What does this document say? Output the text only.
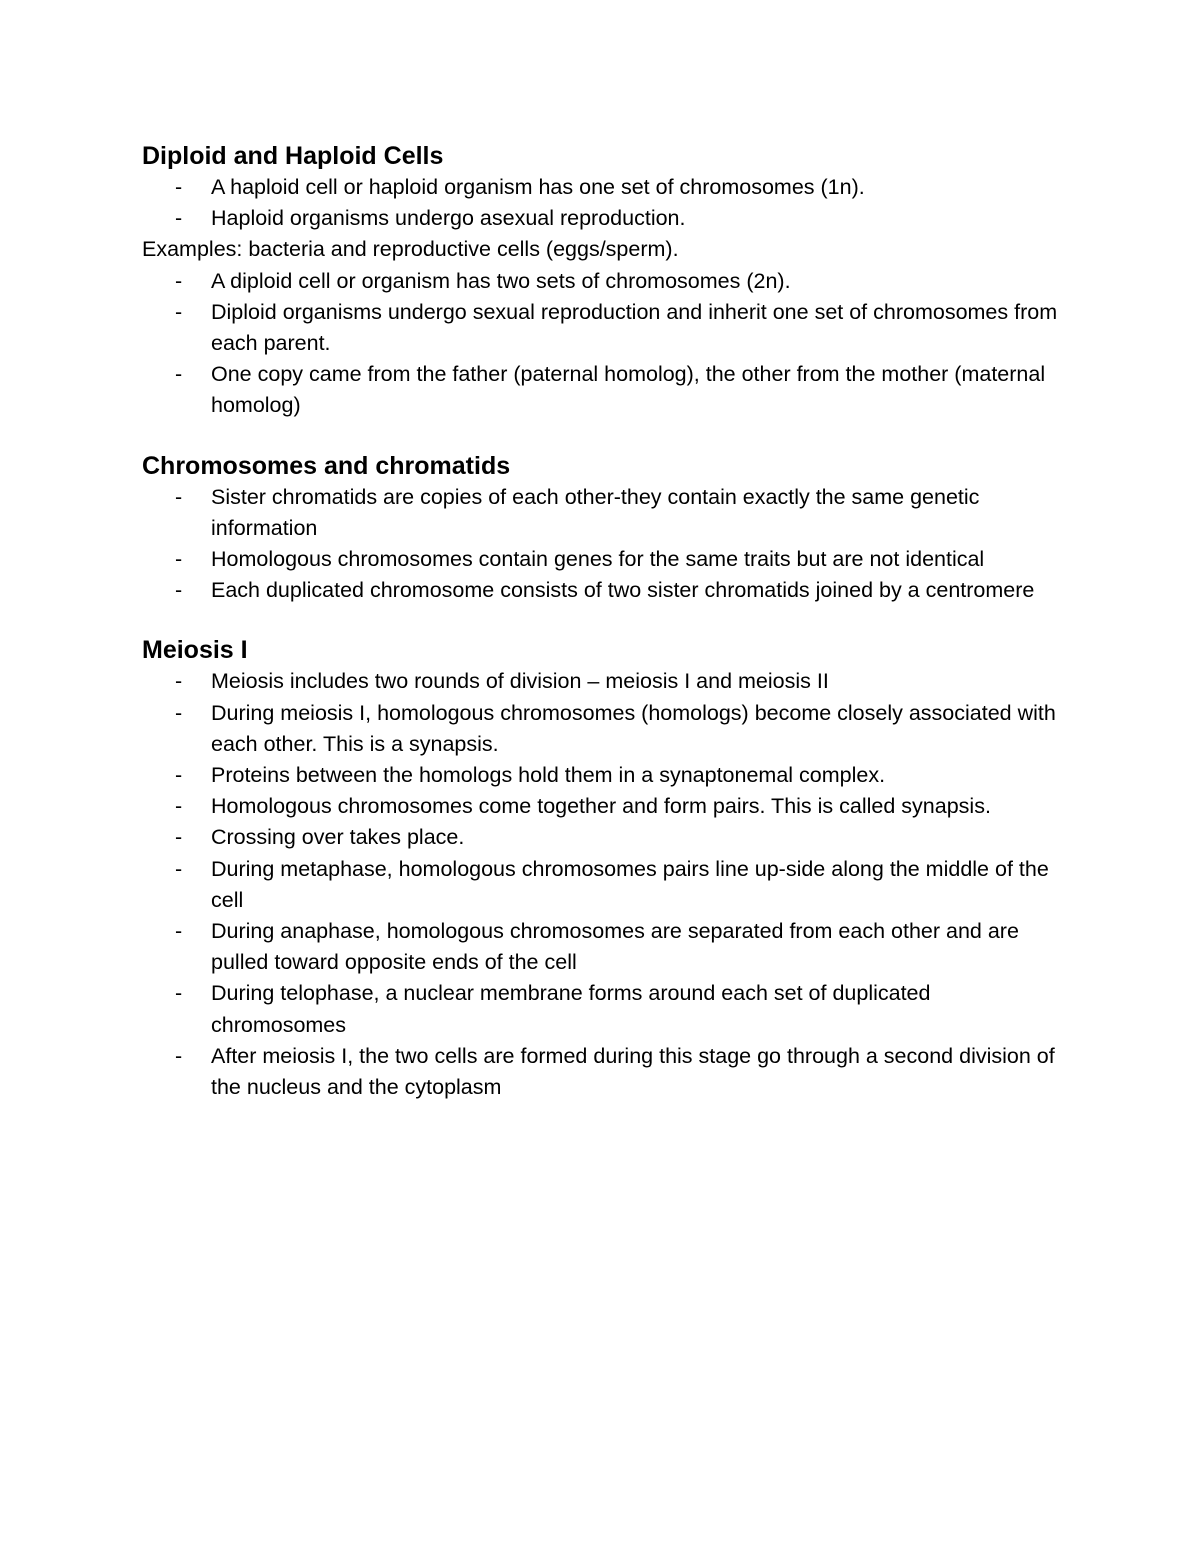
Diploid and Haploid Cells
- A haploid cell or haploid organism has one set of chromosomes (1n).
- Haploid organisms undergo asexual reproduction.

Examples: bacteria and reproductive cells (eggs/sperm).

- A diploid cell or organism has two sets of chromosomes (2n).
- Diploid organisms undergo sexual reproduction and inherit one set of chromosomes from each parent.
- One copy came from the father (paternal homolog), the other from the mother (maternal homolog)
Chromosomes and chromatids
- Sister chromatids are copies of each other-they contain exactly the same genetic information
- Homologous chromosomes contain genes for the same traits but are not identical
- Each duplicated chromosome consists of two sister chromatids joined by a centromere
Meiosis I
- Meiosis includes two rounds of division – meiosis I and meiosis II
- During meiosis I, homologous chromosomes (homologs) become closely associated with each other. This is a synapsis.
- Proteins between the homologs hold them in a synaptonemal complex.
- Homologous chromosomes come together and form pairs. This is called synapsis.
- Crossing over takes place.
- During metaphase, homologous chromosomes pairs line up-side along the middle of the cell
- During anaphase, homologous chromosomes are separated from each other and are pulled toward opposite ends of the cell
- During telophase, a nuclear membrane forms around each set of duplicated chromosomes
- After meiosis I, the two cells are formed during this stage go through a second division of the nucleus and the cytoplasm
